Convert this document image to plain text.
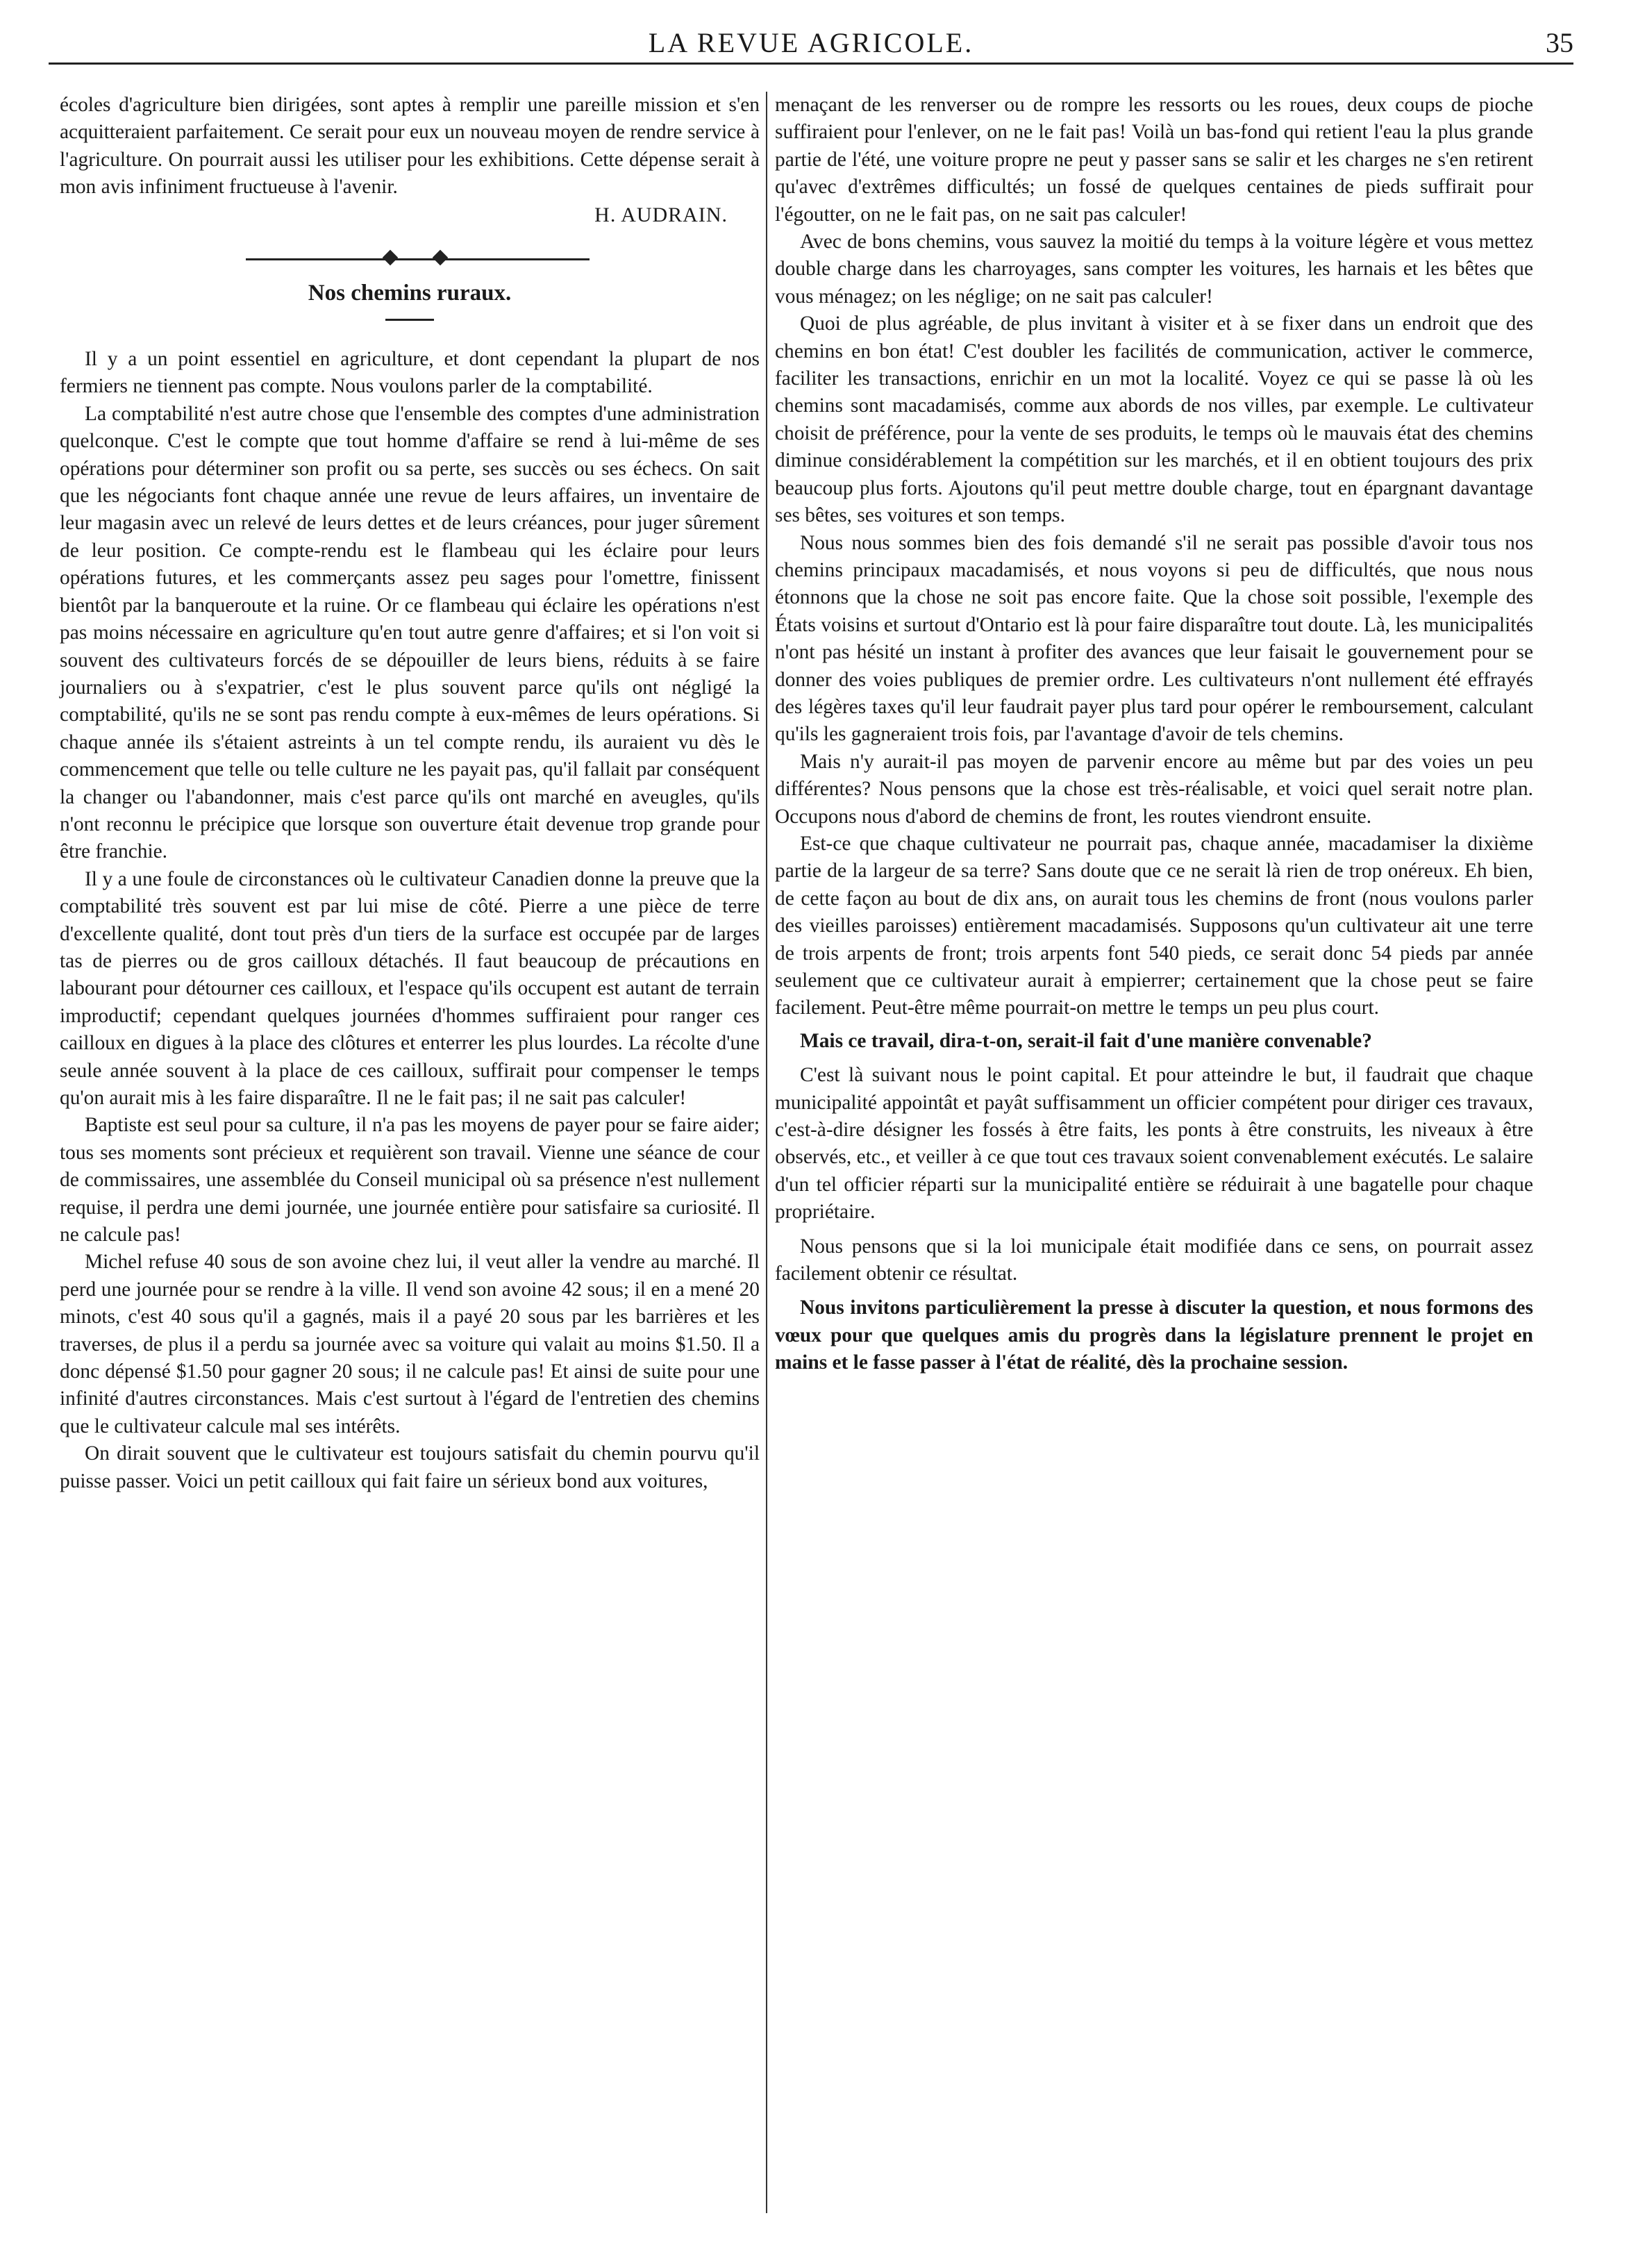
LA REVUE AGRICOLE.	35

écoles d'agriculture bien dirigées, sont aptes à remplir une pareille mission et s'en acquitteraient parfaitement. Ce serait pour eux un nouveau moyen de rendre service à l'agriculture. On pourrait aussi les utiliser pour les exhibitions. Cette dépense serait à mon avis infiniment fructueuse à l'avenir.

H. AUDRAIN.
Nos chemins ruraux.

Il y a un point essentiel en agriculture, et dont cependant la plupart de nos fermiers ne tiennent pas compte. Nous voulons parler de la comptabilité.

La comptabilité n'est autre chose que l'ensemble des comptes d'une administration quelconque. C'est le compte que tout homme d'affaire se rend à lui-même de ses opérations pour déterminer son profit ou sa perte, ses succès ou ses échecs. On sait que les négociants font chaque année une revue de leurs affaires, un inventaire de leur magasin avec un relevé de leurs dettes et de leurs créances, pour juger sûrement de leur position. Ce compte-rendu est le flambeau qui les éclaire pour leurs opérations futures, et les commerçants assez peu sages pour l'omettre, finissent bientôt par la banqueroute et la ruine. Or ce flambeau qui éclaire les opérations n'est pas moins nécessaire en agriculture qu'en tout autre genre d'affaires; et si l'on voit si souvent des cultivateurs forcés de se dépouiller de leurs biens, réduits à se faire journaliers ou à s'expatrier, c'est le plus souvent parce qu'ils ont négligé la comptabilité, qu'ils ne se sont pas rendu compte à eux-mêmes de leurs opérations. Si chaque année ils s'étaient astreints à un tel compte rendu, ils auraient vu dès le commencement que telle ou telle culture ne les payait pas, qu'il fallait par conséquent la changer ou l'abandonner, mais c'est parce qu'ils ont marché en aveugles, qu'ils n'ont reconnu le précipice que lorsque son ouverture était devenue trop grande pour être franchie.

Il y a une foule de circonstances où le cultivateur Canadien donne la preuve que la comptabilité très souvent est par lui mise de côté. Pierre a une pièce de terre d'excellente qualité, dont tout près d'un tiers de la surface est occupée par de larges tas de pierres ou de gros cailloux détachés. Il faut beaucoup de précautions en labourant pour détourner ces cailloux, et l'espace qu'ils occupent est autant de terrain improductif; cependant quelques journées d'hommes suffiraient pour ranger ces cailloux en digues à la place des clôtures et enterrer les plus lourdes. La récolte d'une seule année souvent à la place de ces cailloux, suffirait pour compenser le temps qu'on aurait mis à les faire disparaître. Il ne le fait pas; il ne sait pas calculer!

Baptiste est seul pour sa culture, il n'a pas les moyens de payer pour se faire aider; tous ses moments sont précieux et requièrent son travail. Vienne une séance de cour de commissaires, une assemblée du Conseil municipal où sa présence n'est nullement requise, il perdra une demi journée, une journée entière pour satisfaire sa curiosité. Il ne calcule pas!

Michel refuse 40 sous de son avoine chez lui, il veut aller la vendre au marché. Il perd une journée pour se rendre à la ville. Il vend son avoine 42 sous; il en a mené 20 minots, c'est 40 sous qu'il a gagnés, mais il a payé 20 sous par les barrières et les traverses, de plus il a perdu sa journée avec sa voiture qui valait au moins $1.50. Il a donc dépensé $1.50 pour gagner 20 sous; il ne calcule pas! Et ainsi de suite pour une infinité d'autres circonstances. Mais c'est surtout à l'égard de l'entretien des chemins que le cultivateur calcule mal ses intérêts.

On dirait souvent que le cultivateur est toujours satisfait du chemin pourvu qu'il puisse passer. Voici un petit cailloux qui fait faire un sérieux bond aux voitures,

menaçant de les renverser ou de rompre les ressorts ou les roues, deux coups de pioche suffiraient pour l'enlever, on ne le fait pas! Voilà un bas-fond qui retient l'eau la plus grande partie de l'été, une voiture propre ne peut y passer sans se salir et les charges ne s'en retirent qu'avec d'extrêmes difficultés; un fossé de quelques centaines de pieds suffirait pour l'égoutter, on ne le fait pas, on ne sait pas calculer!

Avec de bons chemins, vous sauvez la moitié du temps à la voiture légère et vous mettez double charge dans les charroyages, sans compter les voitures, les harnais et les bêtes que vous ménagez; on les néglige; on ne sait pas calculer!

Quoi de plus agréable, de plus invitant à visiter et à se fixer dans un endroit que des chemins en bon état! C'est doubler les facilités de communication, activer le commerce, faciliter les transactions, enrichir en un mot la localité. Voyez ce qui se passe là où les chemins sont macadamisés, comme aux abords de nos villes, par exemple. Le cultivateur choisit de préférence, pour la vente de ses produits, le temps où le mauvais état des chemins diminue considérablement la compétition sur les marchés, et il en obtient toujours des prix beaucoup plus forts. Ajoutons qu'il peut mettre double charge, tout en épargnant davantage ses bêtes, ses voitures et son temps.

Nous nous sommes bien des fois demandé s'il ne serait pas possible d'avoir tous nos chemins principaux macadamisés, et nous voyons si peu de difficultés, que nous nous étonnons que la chose ne soit pas encore faite. Que la chose soit possible, l'exemple des États voisins et surtout d'Ontario est là pour faire disparaître tout doute. Là, les municipalités n'ont pas hésité un instant à profiter des avances que leur faisait le gouvernement pour se donner des voies publiques de premier ordre. Les cultivateurs n'ont nullement été effrayés des légères taxes qu'il leur faudrait payer plus tard pour opérer le remboursement, calculant qu'ils les gagneraient trois fois, par l'avantage d'avoir de tels chemins.

Mais n'y aurait-il pas moyen de parvenir encore au même but par des voies un peu différentes? Nous pensons que la chose est très-réalisable, et voici quel serait notre plan. Occupons nous d'abord de chemins de front, les routes viendront ensuite.

Est-ce que chaque cultivateur ne pourrait pas, chaque année, macadamiser la dixième partie de la largeur de sa terre? Sans doute que ce ne serait là rien de trop onéreux. Eh bien, de cette façon au bout de dix ans, on aurait tous les chemins de front (nous voulons parler des vieilles paroisses) entièrement macadamisés. Supposons qu'un cultivateur ait une terre de trois arpents de front; trois arpents font 540 pieds, ce serait donc 54 pieds par année seulement que ce cultivateur aurait à empierrer; certainement que la chose peut se faire facilement. Peut-être même pourrait-on mettre le temps un peu plus court.

Mais ce travail, dira-t-on, serait-il fait d'une manière convenable?

C'est là suivant nous le point capital. Et pour atteindre le but, il faudrait que chaque municipalité appointât et payât suffisamment un officier compétent pour diriger ces travaux, c'est-à-dire désigner les fossés à être faits, les ponts à être construits, les niveaux à être observés, etc., et veiller à ce que tout ces travaux soient convenablement exécutés. Le salaire d'un tel officier réparti sur la municipalité entière se réduirait à une bagatelle pour chaque propriétaire.

Nous pensons que si la loi municipale était modifiée dans ce sens, on pourrait assez facilement obtenir ce résultat.

Nous invitons particulièrement la presse à discuter la question, et nous formons des vœux pour que quelques amis du progrès dans la législature prennent le projet en mains et le fasse passer à l'état de réalité, dès la prochaine session.
